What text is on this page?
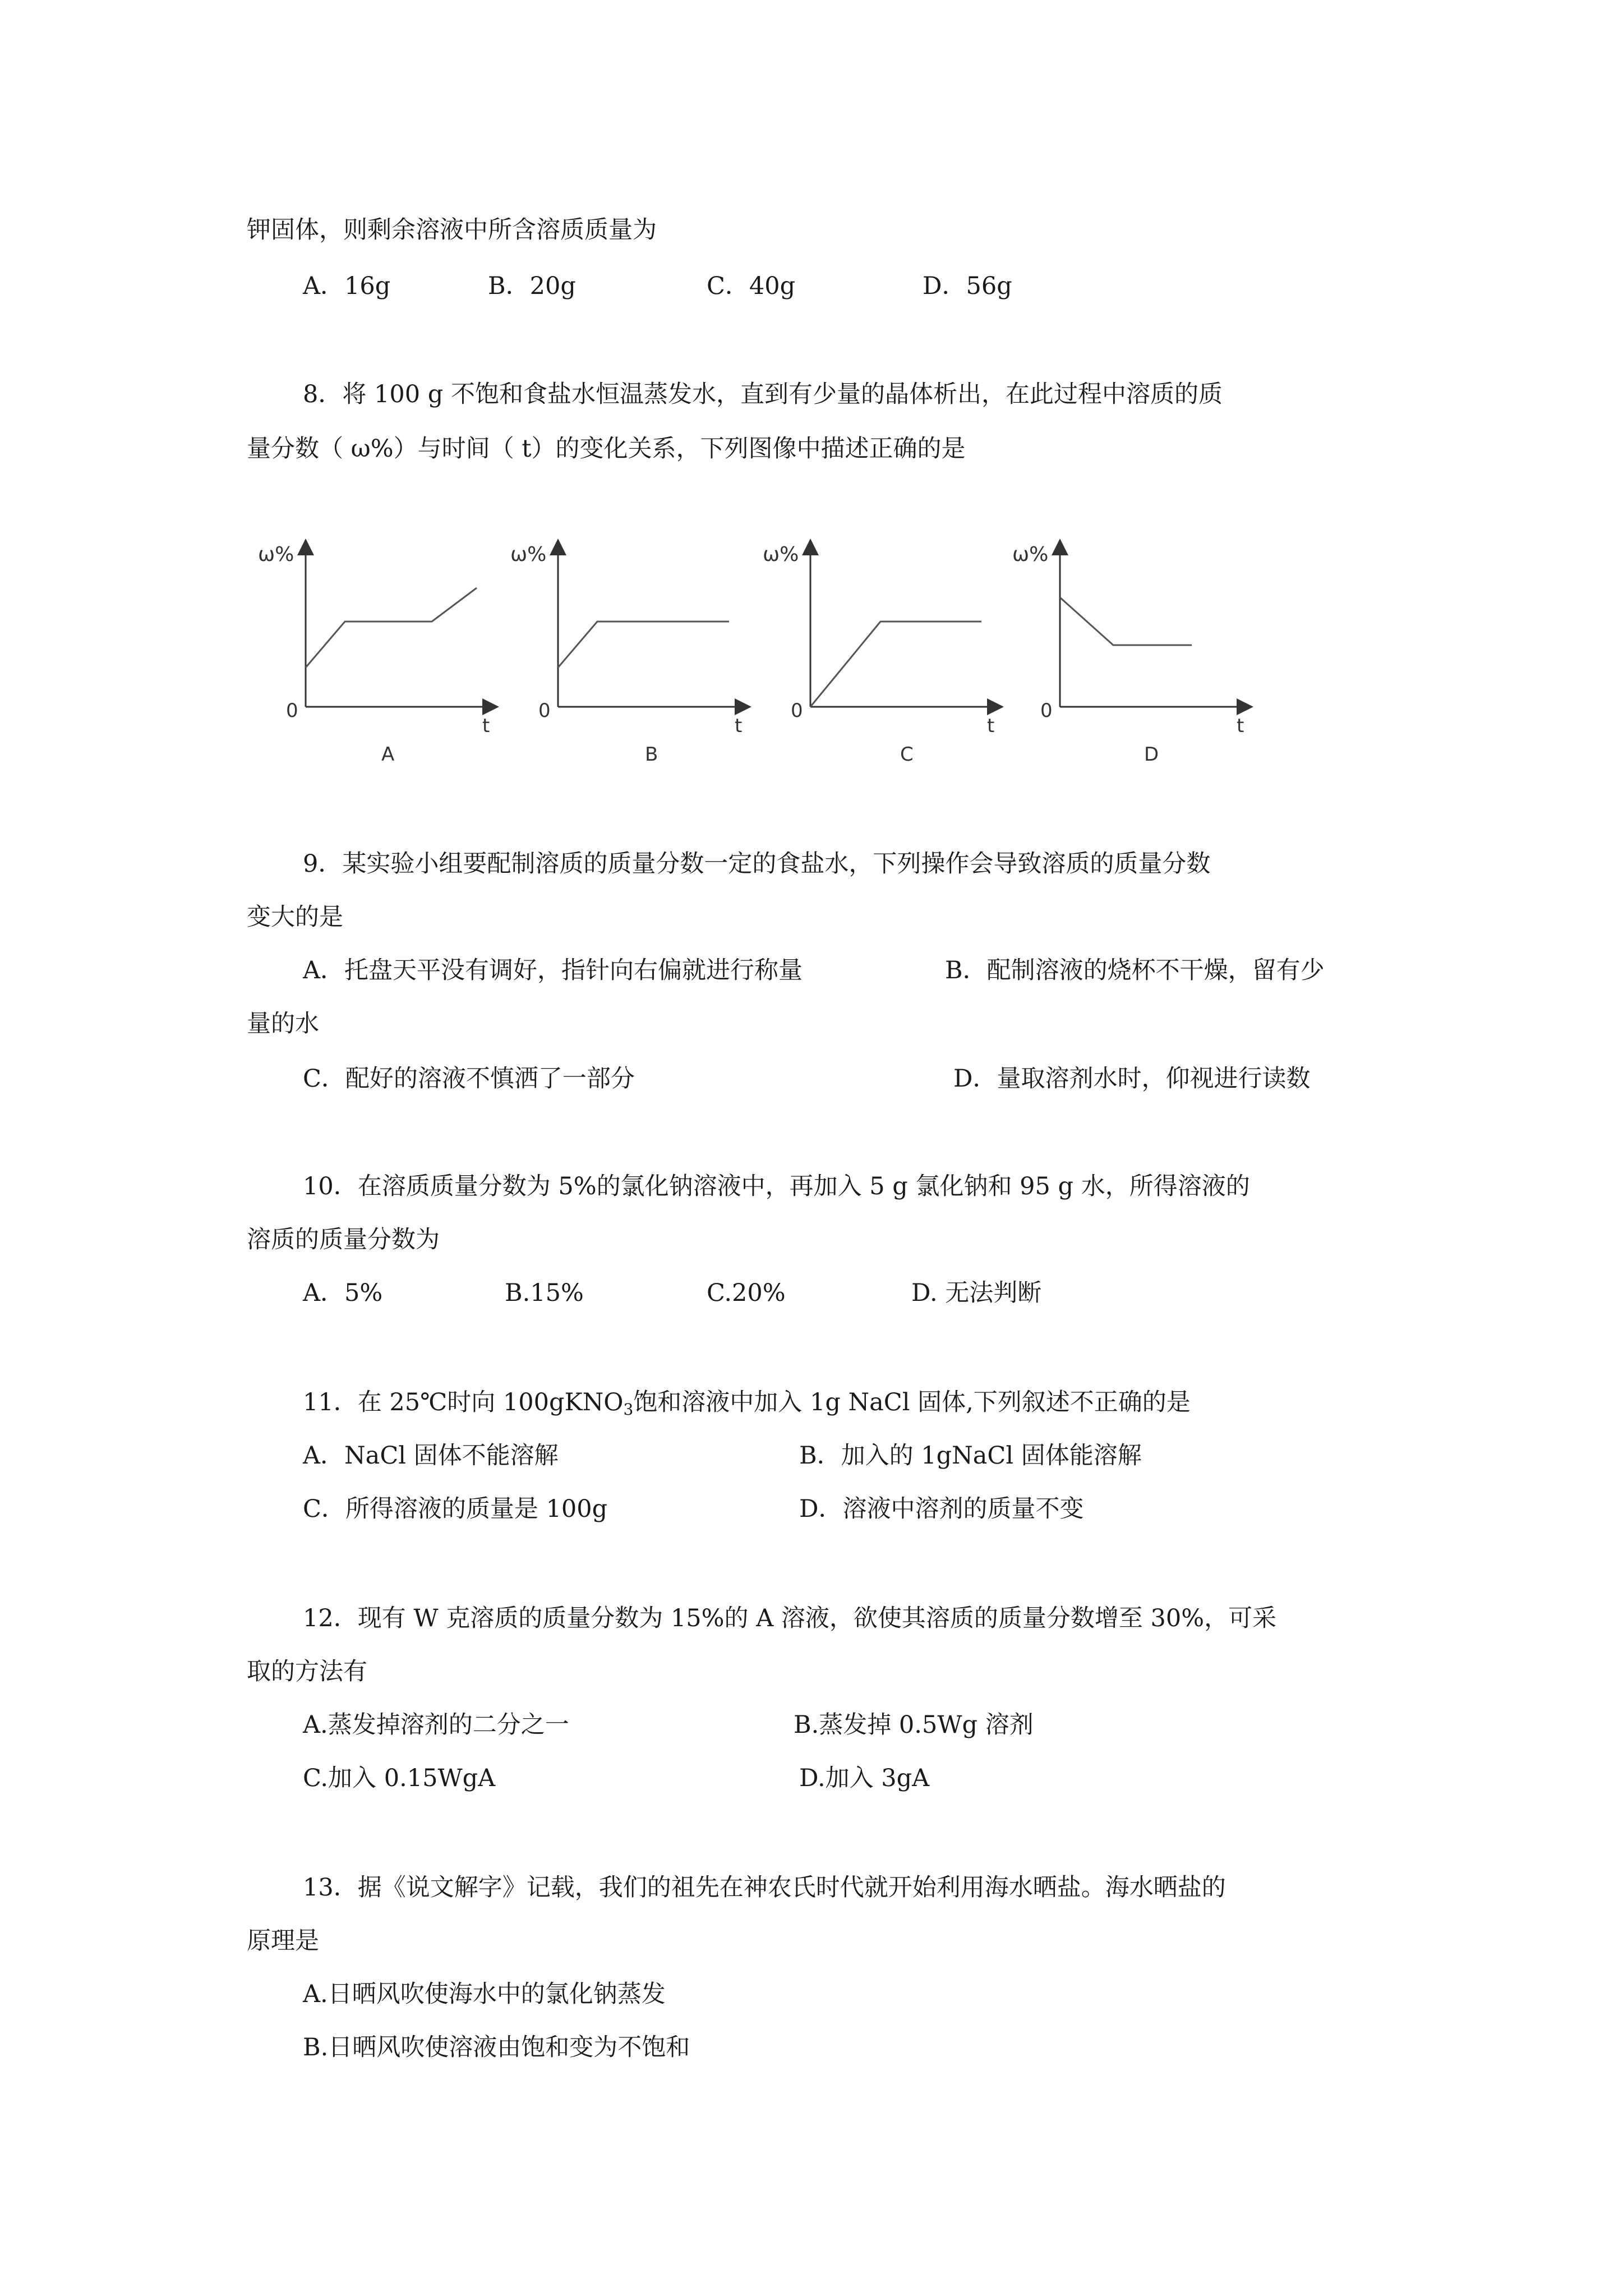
钾固体，则剩余溶液中所含溶质质量为
A．16g	B．20g	C．40g	D．56g
8．将 100 g 不饱和食盐水恒温蒸发水，直到有少量的晶体析出，在此过程中溶质的质
量分数（ ω%）与时间（ t）的变化关系，下列图像中描述正确的是
ω%
0
t
A
ω%
0
t
B
ω%
0
t
C
ω%
0
t
D
9．某实验小组要配制溶质的质量分数一定的食盐水，下列操作会导致溶质的质量分数
变大的是
A．托盘天平没有调好，指针向右偏就进行称量	B．配制溶液的烧杯不干燥，留有少
量的水
C．配好的溶液不慎洒了一部分	D．量取溶剂水时，仰视进行读数
10．在溶质质量分数为 5%的氯化钠溶液中，再加入 5 g 氯化钠和 95 g 水，所得溶液的
溶质的质量分数为
A．5%	B.15%	C.20%	D. 无法判断
11．在 25℃时向 100gKNO$_3$饱和溶液中加入 1g NaCl 固体,下列叙述不正确的是
A．NaCl 固体不能溶解	B．加入的 1gNaCl 固体能溶解
C．所得溶液的质量是 100g	D．溶液中溶剂的质量不变
12．现有 W 克溶质的质量分数为 15%的 A 溶液，欲使其溶质的质量分数增至 30%，可采
取的方法有
A.蒸发掉溶剂的二分之一	B.蒸发掉 0.5Wg 溶剂
C.加入 0.15WgA	D.加入 3gA
13．据《说文解字》记载，我们的祖先在神农氏时代就开始利用海水晒盐。海水晒盐的
原理是
A.日晒风吹使海水中的氯化钠蒸发
B.日晒风吹使溶液由饱和变为不饱和
